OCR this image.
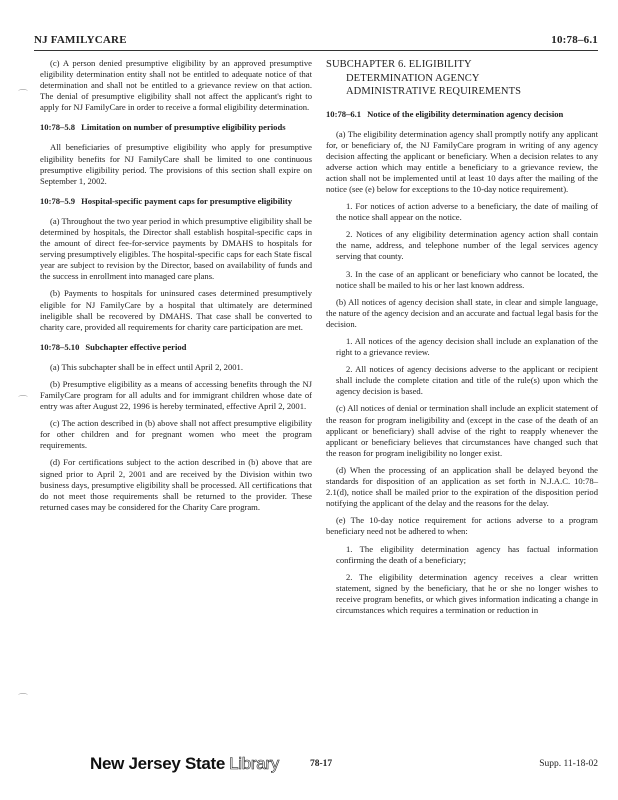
NJ FAMILYCARE	10:78–6.1
⌒
⌒
⌒

(c) A person denied presumptive eligibility by an approved presumptive eligibility determination entity shall not be entitled to adequate notice of that determination and shall not be entitled to a grievance review on that action. The denial of presumptive eligibility shall not affect the applicant's right to apply for NJ FamilyCare in order to receive a formal eligibility determination.

10:78–5.8 Limitation on number of presumptive eligibility periods

All beneficiaries of presumptive eligibility who apply for presumptive eligibility benefits for NJ FamilyCare shall be limited to one continuous presumptive eligibility period. The provisions of this section shall expire on September 1, 2002.

10:78–5.9 Hospital-specific payment caps for presumptive eligibility

(a) Throughout the two year period in which presumptive eligibility shall be determined by hospitals, the Director shall establish hospital-specific caps in the amount of direct fee-for-service payments by DMAHS to hospitals for serving presumptively eligibles. The hospital-specific caps for each State fiscal year are subject to revision by the Director, based on availability of funds and the success in enrollment into managed care plans.

(b) Payments to hospitals for uninsured cases determined presumptively eligible for NJ FamilyCare by a hospital that ultimately are determined ineligible shall be recovered by DMAHS. That case shall be converted to charity care, provided all requirements for charity care participation are met.

10:78–5.10 Subchapter effective period

(a) This subchapter shall be in effect until April 2, 2001.

(b) Presumptive eligibility as a means of accessing benefits through the NJ FamilyCare program for all adults and for immigrant children whose date of entry was after August 22, 1996 is hereby terminated, effective April 2, 2001.

(c) The action described in (b) above shall not affect presumptive eligibility for other children and for pregnant women who meet the program requirements.

(d) For certifications subject to the action described in (b) above that are signed prior to April 2, 2001 and are received by the Division within two business days, presumptive eligibility shall be processed. All certifications that do not meet those requirements shall be returned to the provider. These returned cases may be considered for the Charity Care program.

SUBCHAPTER 6. ELIGIBILITY
DETERMINATION AGENCY
ADMINISTRATIVE REQUIREMENTS
10:78–6.1 Notice of the eligibility determination agency decision

(a) The eligibility determination agency shall promptly notify any applicant for, or beneficiary of, the NJ FamilyCare program in writing of any agency decision affecting the applicant or beneficiary. When a decision relates to any adverse action which may entitle a beneficiary to a grievance review, the action shall not be implemented until at least 10 days after the mailing of the notice (see (e) below for exceptions to the 10-day notice requirement).

1. For notices of action adverse to a beneficiary, the date of mailing of the notice shall appear on the notice.

2. Notices of any eligibility determination agency action shall contain the name, address, and telephone number of the legal services agency serving that county.

3. In the case of an applicant or beneficiary who cannot be located, the notice shall be mailed to his or her last known address.

(b) All notices of agency decision shall state, in clear and simple language, the nature of the agency decision and an accurate and factual legal basis for the decision.

1. All notices of the agency decision shall include an explanation of the right to a grievance review.

2. All notices of agency decisions adverse to the applicant or recipient shall include the complete citation and title of the rule(s) upon which the agency decision is based.

(c) All notices of denial or termination shall include an explicit statement of the reason for program ineligibility and (except in the case of the death of an applicant or beneficiary) shall advise of the right to reapply whenever the applicant or beneficiary believes that circumstances have changed such that the reason for program ineligibility no longer exist.

(d) When the processing of an application shall be delayed beyond the standards for disposition of an application as set forth in N.J.A.C. 10:78–2.1(d), notice shall be mailed prior to the expiration of the disposition period notifying the applicant of the delay and the reasons for the delay.

(e) The 10-day notice requirement for actions adverse to a program beneficiary need not be adhered to when:

1. The eligibility determination agency has factual information confirming the death of a beneficiary;

2. The eligibility determination agency receives a clear written statement, signed by the beneficiary, that he or she no longer wishes to receive program benefits, or which gives information indicating a change in circumstances which requires a termination or reduction in

New Jersey State Library	78-17	Supp. 11-18-02
